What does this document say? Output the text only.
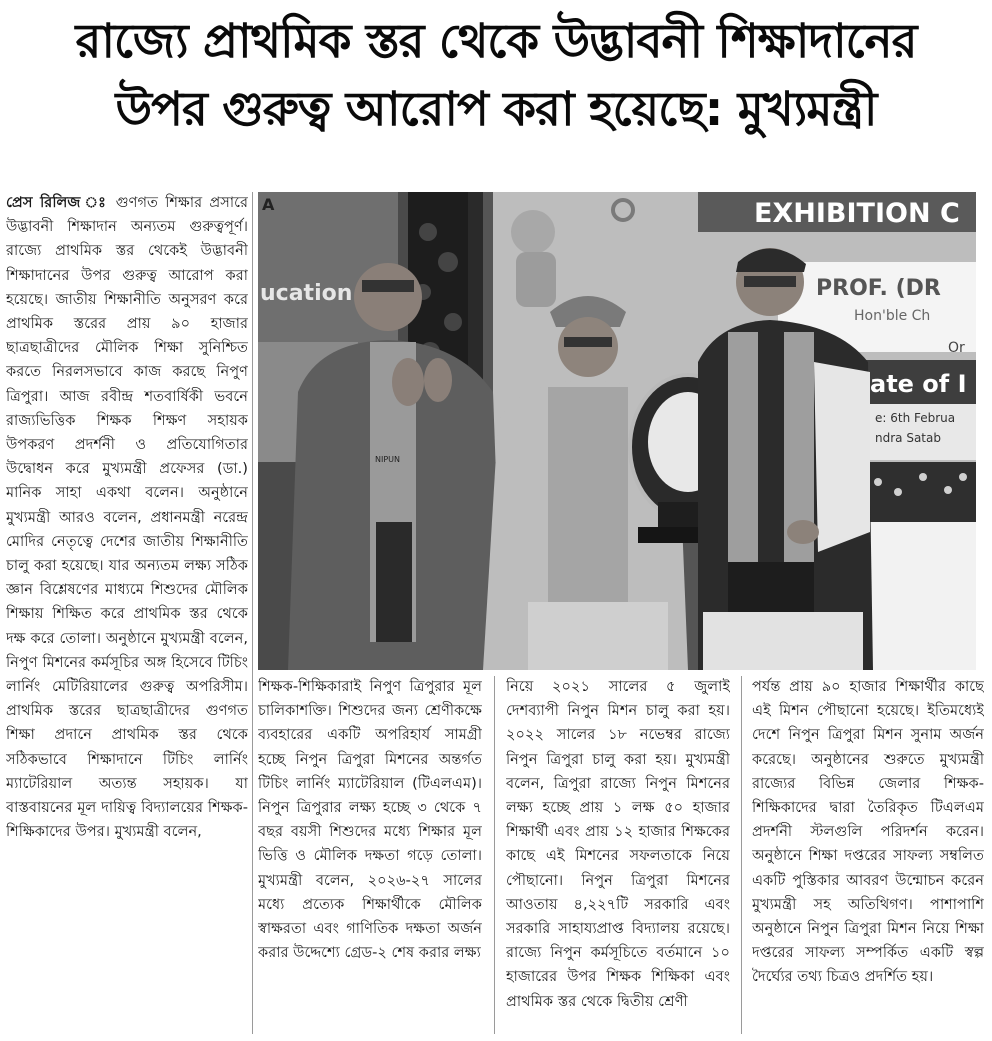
রাজ্যে প্রাথমিক স্তর থেকে উদ্ভাবনী শিক্ষাদানের
উপর গুরুত্ব আরোপ করা হয়েছে: মুখ্যমন্ত্রী

প্রেস রিলিজ ঃ গুণগত শিক্ষার প্রসারে উদ্ভাবনী শিক্ষাদান অন্যতম গুরুত্বপূর্ণ। রাজ্যে প্রাথমিক স্তর থেকেই উদ্ভাবনী শিক্ষাদানের উপর গুরুত্ব আরোপ করা হয়েছে। জাতীয় শিক্ষানীতি অনুসরণ করে প্রাথমিক স্তরের প্রায় ৯০ হাজার ছাত্রছাত্রীদের মৌলিক শিক্ষা সুনিশ্চিত করতে নিরলসভাবে কাজ করছে নিপুণ ত্রিপুরা। আজ রবীন্দ্র শতবার্ষিকী ভবনে রাজ্যভিত্তিক শিক্ষক শিক্ষণ সহায়ক উপকরণ প্রদর্শনী ও প্রতিযোগিতার উদ্বোধন করে মুখ্যমন্ত্রী প্রফেসর (ডা.) মানিক সাহা একথা বলেন। অনুষ্ঠানে মুখ্যমন্ত্রী আরও বলেন, প্রধানমন্ত্রী নরেন্দ্র মোদির নেতৃত্বে দেশের জাতীয় শিক্ষানীতি চালু করা হয়েছে। যার অন্যতম লক্ষ্য সঠিক জ্ঞান বিশ্লেষণের মাধ্যমে শিশুদের মৌলিক শিক্ষায় শিক্ষিত করে প্রাথমিক স্তর থেকে দক্ষ করে তোলা। অনুষ্ঠানে মুখ্যমন্ত্রী বলেন, নিপুণ মিশনের কর্মসূচির অঙ্গ হিসেবে টিচিং লার্নিং মেটিরিয়ালের গুরুত্ব অপরিসীম। প্রাথমিক স্তরের ছাত্রছাত্রীদের গুণগত শিক্ষা প্রদানে প্রাথমিক স্তর থেকে সঠিকভাবে শিক্ষাদানে টিচিং লার্নিং ম্যাটেরিয়াল অত্যন্ত সহায়ক। যা বাস্তবায়নের মূল দায়িত্ব বিদ্যালয়ের শিক্ষক-শিক্ষিকাদের উপর। মুখ্যমন্ত্রী বলেন,

A
ucation
EXHIBITION C
PROF. (DR
Hon'ble Ch
Or
ate of I
e: 6th Februa
ndra Satab
NIPUN

শিক্ষক-শিক্ষিকারাই নিপুণ ত্রিপুরার মূল চালিকাশক্তি। শিশুদের জন্য শ্রেণীকক্ষে ব্যবহারের একটি অপরিহার্য সামগ্রী হচ্ছে নিপুন ত্রিপুরা মিশনের অন্তর্গত টিচিং লার্নিং ম্যাটেরিয়াল (টিএলএম)। নিপুন ত্রিপুরার লক্ষ্য হচ্ছে ৩ থেকে ৭ বছর বয়সী শিশুদের মধ্যে শিক্ষার মূল ভিত্তি ও মৌলিক দক্ষতা গড়ে তোলা। মুখ্যমন্ত্রী বলেন, ২০২৬-২৭ সালের মধ্যে প্রত্যেক শিক্ষার্থীকে মৌলিক স্বাক্ষরতা এবং গাণিতিক দক্ষতা অর্জন করার উদ্দেশ্যে গ্রেড-২ শেষ করার লক্ষ্য

নিয়ে ২০২১ সালের ৫ জুলাই দেশব্যাপী নিপুন মিশন চালু করা হয়। ২০২২ সালের ১৮ নভেম্বর রাজ্যে নিপুন ত্রিপুরা চালু করা হয়। মুখ্যমন্ত্রী বলেন, ত্রিপুরা রাজ্যে নিপুন মিশনের লক্ষ্য হচ্ছে প্রায় ১ লক্ষ ৫০ হাজার শিক্ষার্থী এবং প্রায় ১২ হাজার শিক্ষকের কাছে এই মিশনের সফলতাকে নিয়ে পৌছানো। নিপুন ত্রিপুরা মিশনের আওতায় ৪,২২৭টি সরকারি এবং সরকারি সাহায্যপ্রাপ্ত বিদ্যালয় রয়েছে। রাজ্যে নিপুন কর্মসূচিতে বর্তমানে ১০ হাজারের উপর শিক্ষক শিক্ষিকা এবং প্রাথমিক স্তর থেকে দ্বিতীয় শ্রেণী

পর্যন্ত প্রায় ৯০ হাজার শিক্ষার্থীর কাছে এই মিশন পৌছানো হয়েছে। ইতিমধ্যেই দেশে নিপুন ত্রিপুরা মিশন সুনাম অর্জন করেছে। অনুষ্ঠানের শুরুতে মুখ্যমন্ত্রী রাজ্যের বিভিন্ন জেলার শিক্ষক-শিক্ষিকাদের দ্বারা তৈরিকৃত টিএলএম প্রদর্শনী স্টলগুলি পরিদর্শন করেন। অনুষ্ঠানে শিক্ষা দপ্তরের সাফল্য সম্বলিত একটি পুস্তিকার আবরণ উন্মোচন করেন মুখ্যমন্ত্রী সহ অতিথিগণ। পাশাপাশি অনুষ্ঠানে নিপুন ত্রিপুরা মিশন নিয়ে শিক্ষা দপ্তরের সাফল্য সম্পর্কিত একটি স্বল্প দৈর্ঘ্যের তথ্য চিত্রও প্রদর্শিত হয়।
